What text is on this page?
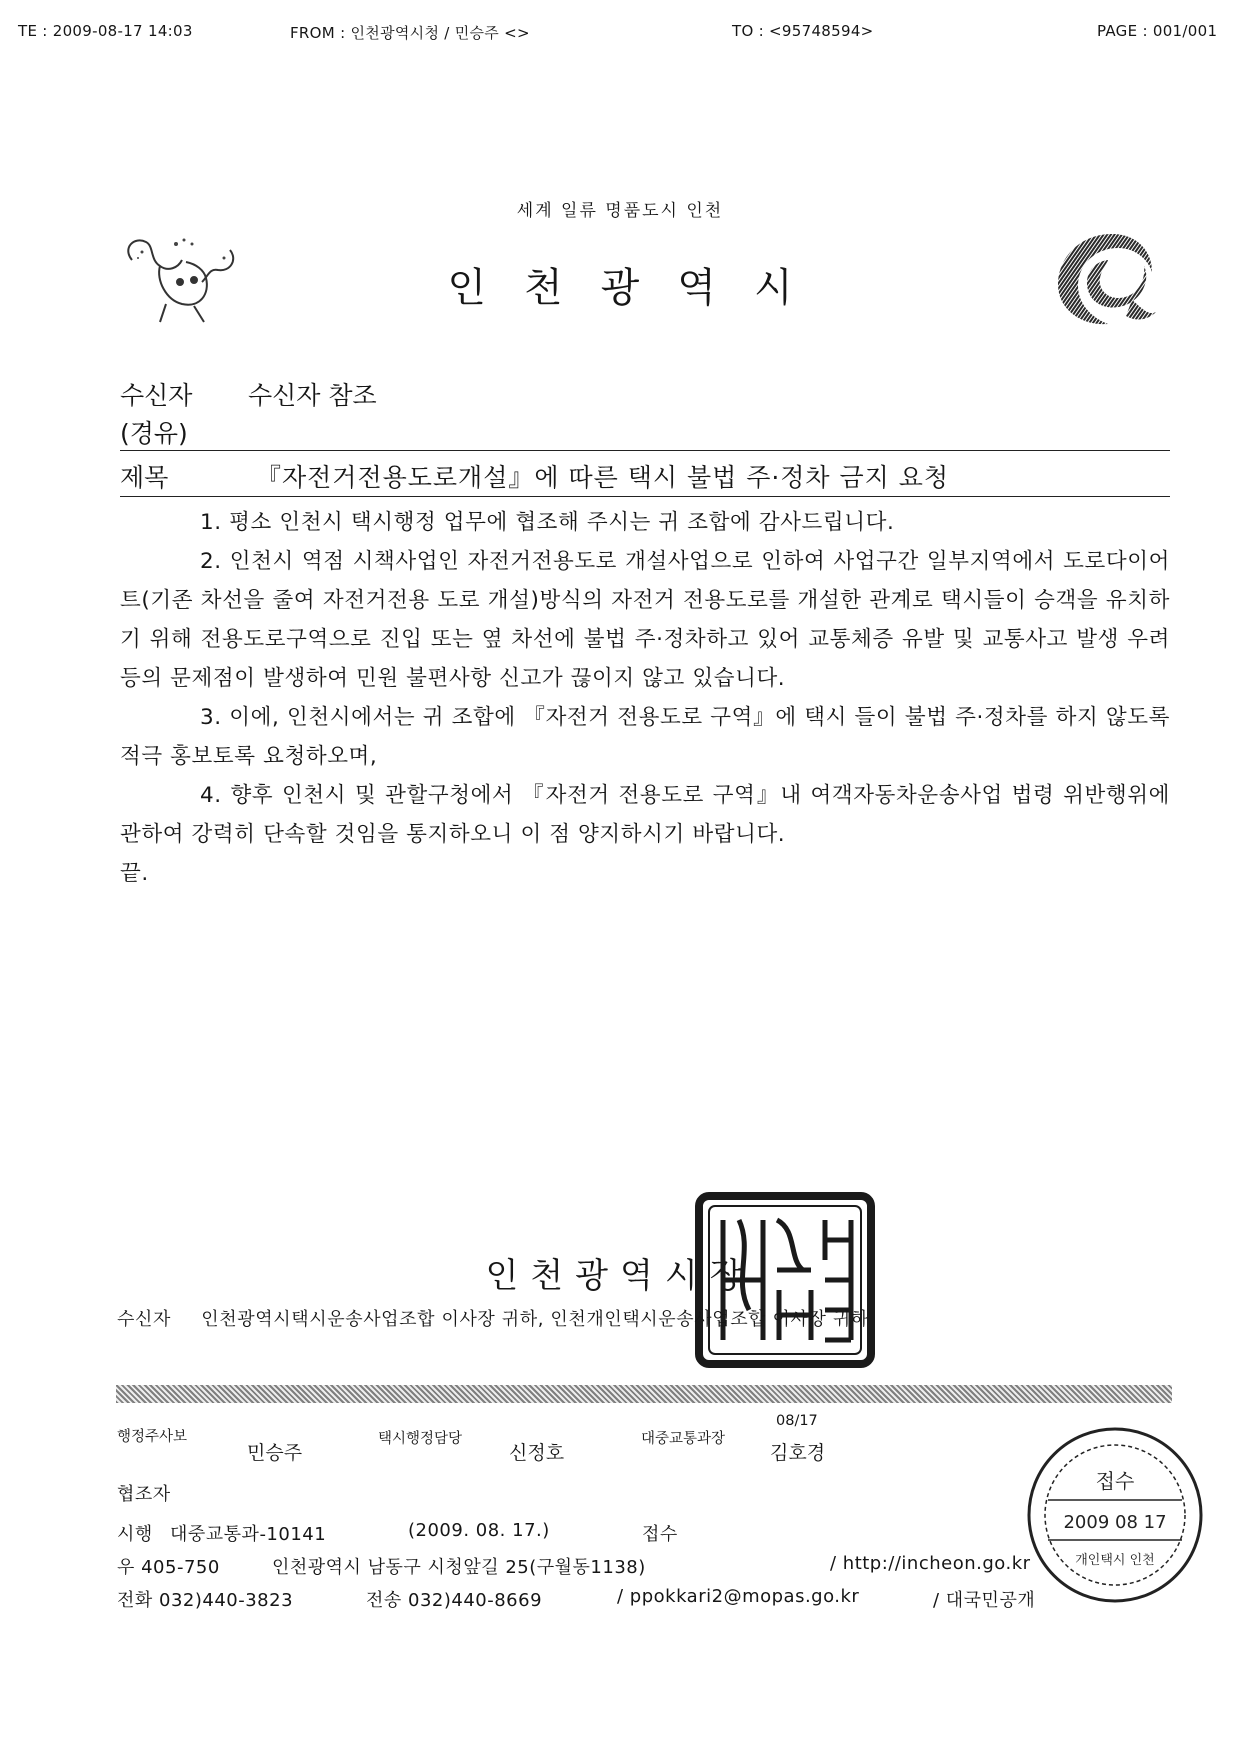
TE : 2009-08-17 14:03	FROM : 인천광역시청 / 민승주 <>	TO : <95748594>	PAGE : 001/001
세계 일류 명품도시 인천
인천광역시
수신자 수신자 참조
(경유)
제목	『자전거전용도로개설』에 따른 택시 불법 주·정차 금지 요청

1. 평소 인천시 택시행정 업무에 협조해 주시는 귀 조합에 감사드립니다.

2. 인천시 역점 시책사업인 자전거전용도로 개설사업으로 인하여 사업구간 일부지역에서 도로다이어트(기존 차선을 줄여 자전거전용 도로 개설)방식의 자전거 전용도로를 개설한 관계로 택시들이 승객을 유치하기 위해 전용도로구역으로 진입 또는 옆 차선에 불법 주·정차하고 있어 교통체증 유발 및 교통사고 발생 우려 등의 문제점이 발생하여 민원 불편사항 신고가 끊이지 않고 있습니다.

3. 이에, 인천시에서는 귀 조합에 『자전거 전용도로 구역』에 택시 들이 불법 주·정차를 하지 않도록 적극 홍보토록 요청하오며,

4. 향후 인천시 및 관할구청에서 『자전거 전용도로 구역』내 여객자동차운송사업 법령 위반행위에 관하여 강력히 단속할 것임을 통지하오니 이 점 양지하시기 바랍니다.

끝.

인천광역시장
수신자 인천광역시택시운송사업조합 이사장 귀하, 인천개인택시운송사업조합 이사장 귀하
행정주사보
민승주
택시행정담당
신정호
대중교통과장
08/17
김호경
협조자
시행 대중교통과-10141	(2009. 08. 17.)	접수
우 405-750	인천광역시 남동구 시청앞길 25(구월동1138)	/ http://incheon.go.kr
전화 032)440-3823	전송 032)440-8669	/ ppokkari2@mopas.go.kr	/ 대국민공개
접수
2009 08 17
개인택시 인천
